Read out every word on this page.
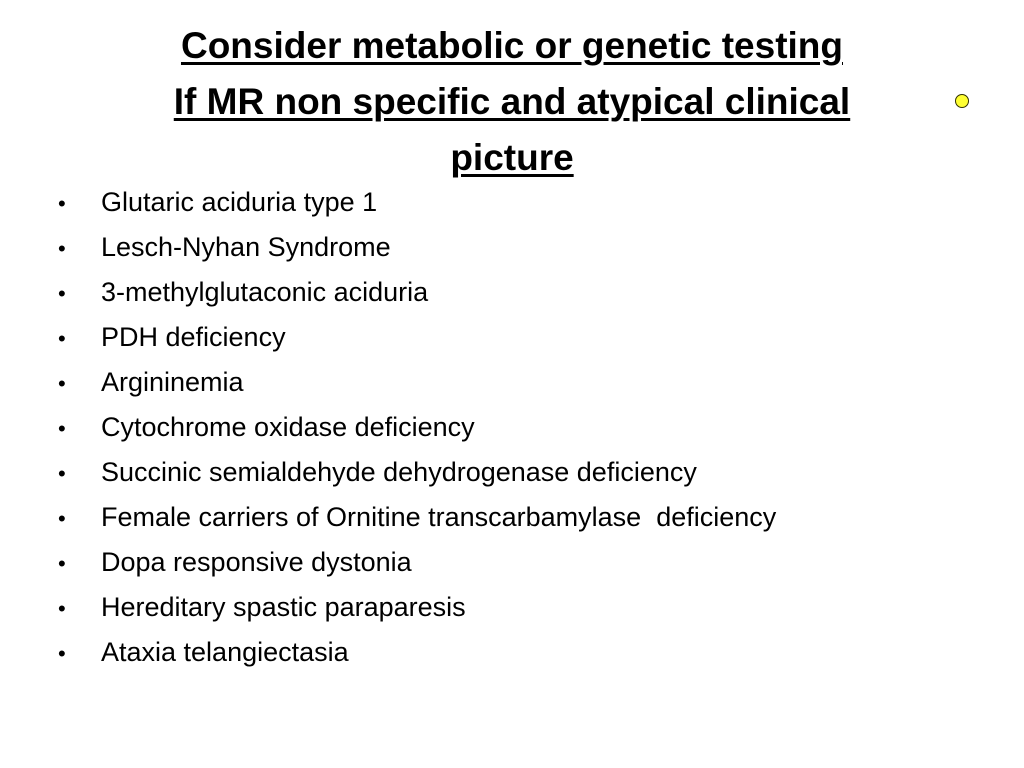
Consider metabolic or genetic testing
If MR non specific and atypical clinical
picture
•	Glutaric aciduria type 1
•	Lesch-Nyhan Syndrome
•	3-methylglutaconic aciduria
•	PDH deficiency
•	Argininemia
•	Cytochrome oxidase deficiency
•	Succinic semialdehyde dehydrogenase deficiency
•	Female carriers of Ornitine transcarbamylase  deficiency
•	Dopa responsive dystonia
•	Hereditary spastic paraparesis
•	Ataxia telangiectasia
